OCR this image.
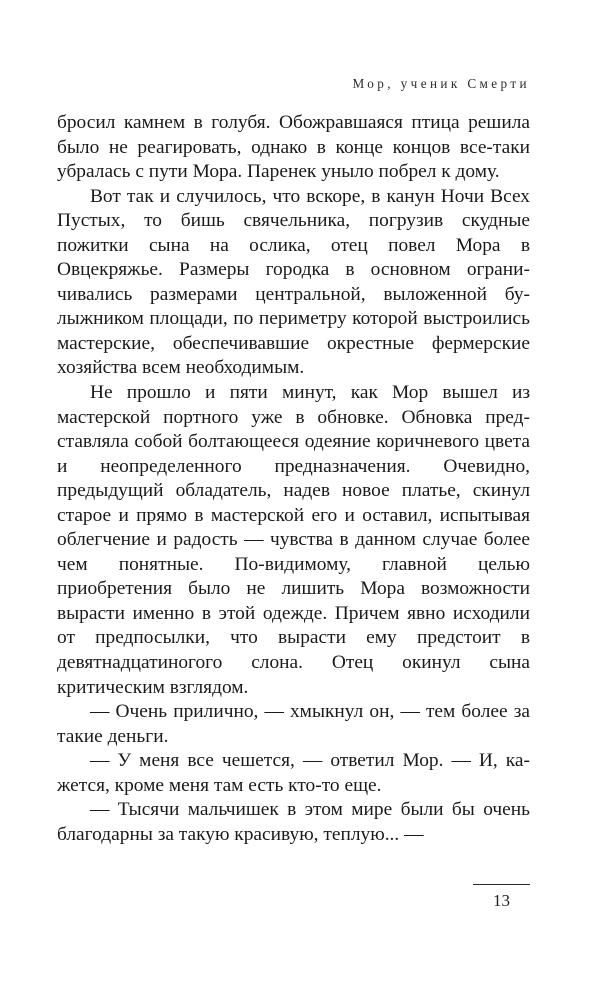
Мор, ученик Смерти

бросил камнем в голубя. Обожравшаяся птица решила было не реагировать, однако в конце концов все-таки убралась с пути Мора. Паренек уныло побрел к дому.

Вот так и случилось, что вскоре, в канун Ночи Всех Пустых, то бишь свячельника, погрузив скудные пожитки сына на ослика, отец повел Мора в Овцекряжье. Размеры городка в основном ограничивались размерами центральной, выложенной булыжником площади, по периметру которой выстроились мастерские, обеспечивавшие окрестные фермерские хозяйства всем необходимым.

Не прошло и пяти минут, как Мор вышел из мастерской портного уже в обновке. Обновка представляла собой болтающееся одеяние коричневого цвета и неопределенного предназначения. Очевидно, предыдущий обладатель, надев новое платье, скинул старое и прямо в мастерской его и оставил, испытывая облегчение и радость — чувства в данном случае более чем понятные. По-видимому, главной целью приобретения было не лишить Мора возможности вырасти именно в этой одежде. Причем явно исходили от предпосылки, что вырасти ему предстоит в девятнадцатиногого слона. Отец окинул сына критическим взглядом.

— Очень прилично, — хмыкнул он, — тем более за такие деньги.

— У меня все чешется, — ответил Мор. — И, кажется, кроме меня там есть кто-то еще.

— Тысячи мальчишек в этом мире были бы очень благодарны за такую красивую, теплую... —

13
